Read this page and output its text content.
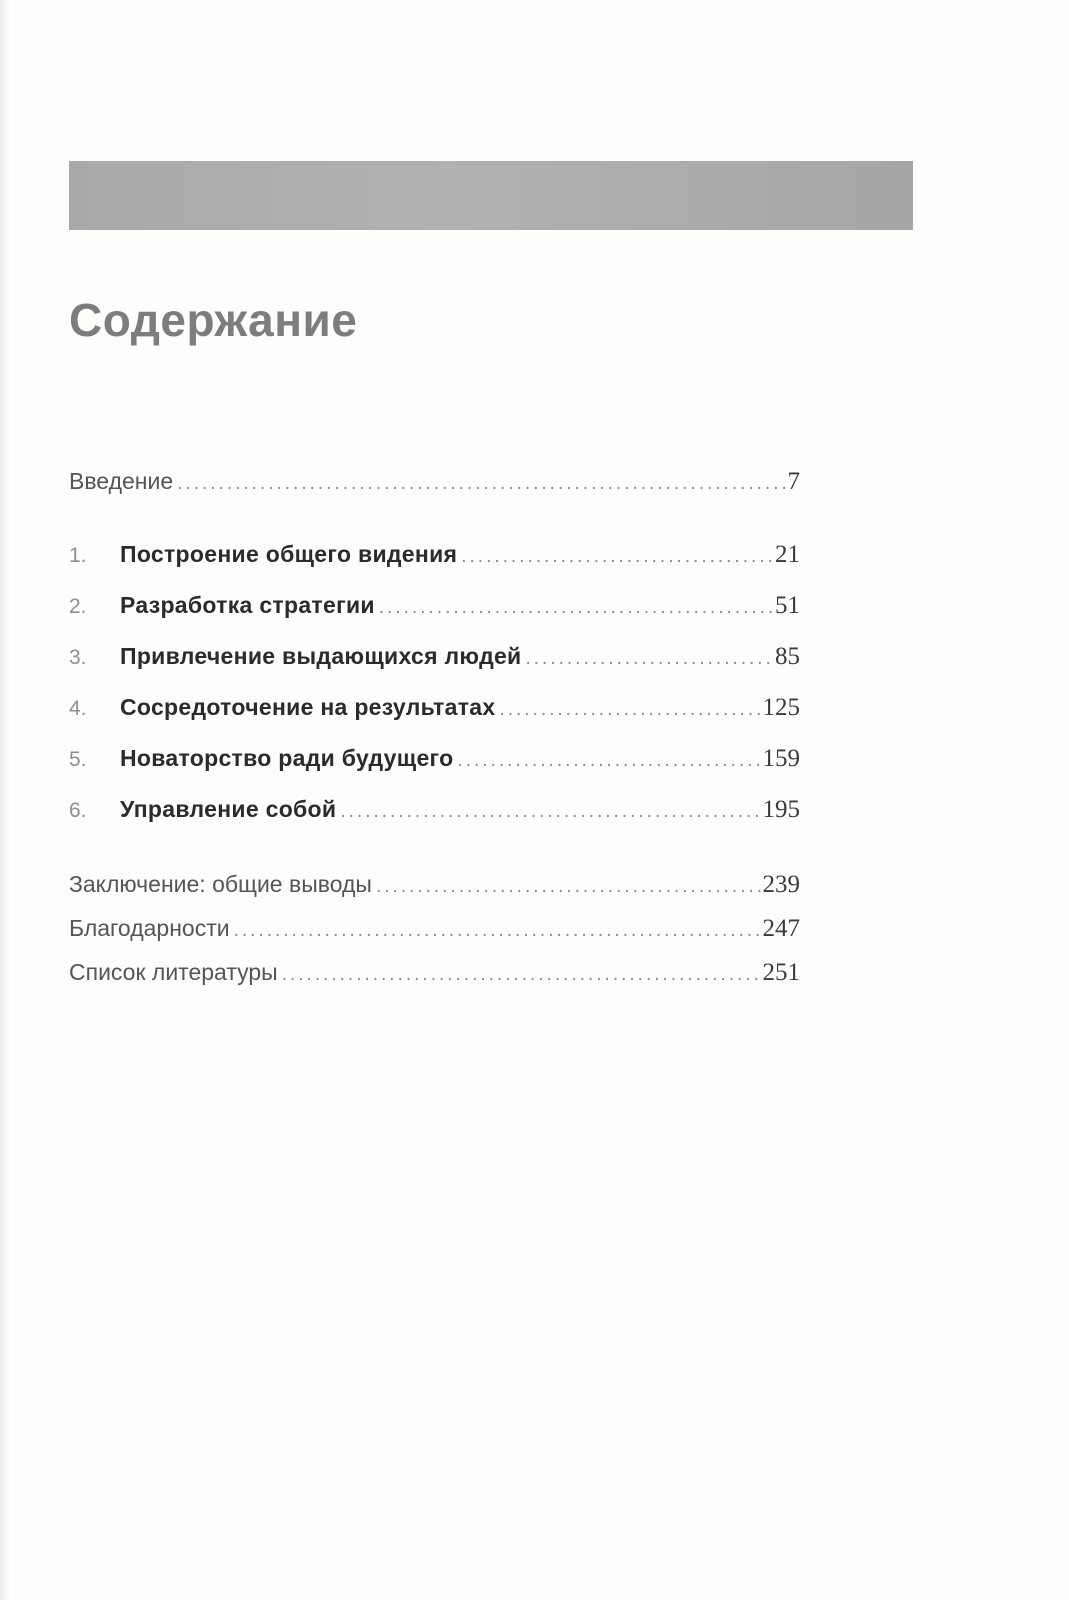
Содержание
Введение .....	7
1.	Построение общего видения .....	21
2.	Разработка стратегии .....	51
3.	Привлечение выдающихся людей .....	85
4.	Сосредоточение на результатах .....	125
5.	Новаторство ради будущего .....	159
6.	Управление собой .....	195
Заключение: общие выводы .....	239
Благодарности .....	247
Список литературы .....	251
